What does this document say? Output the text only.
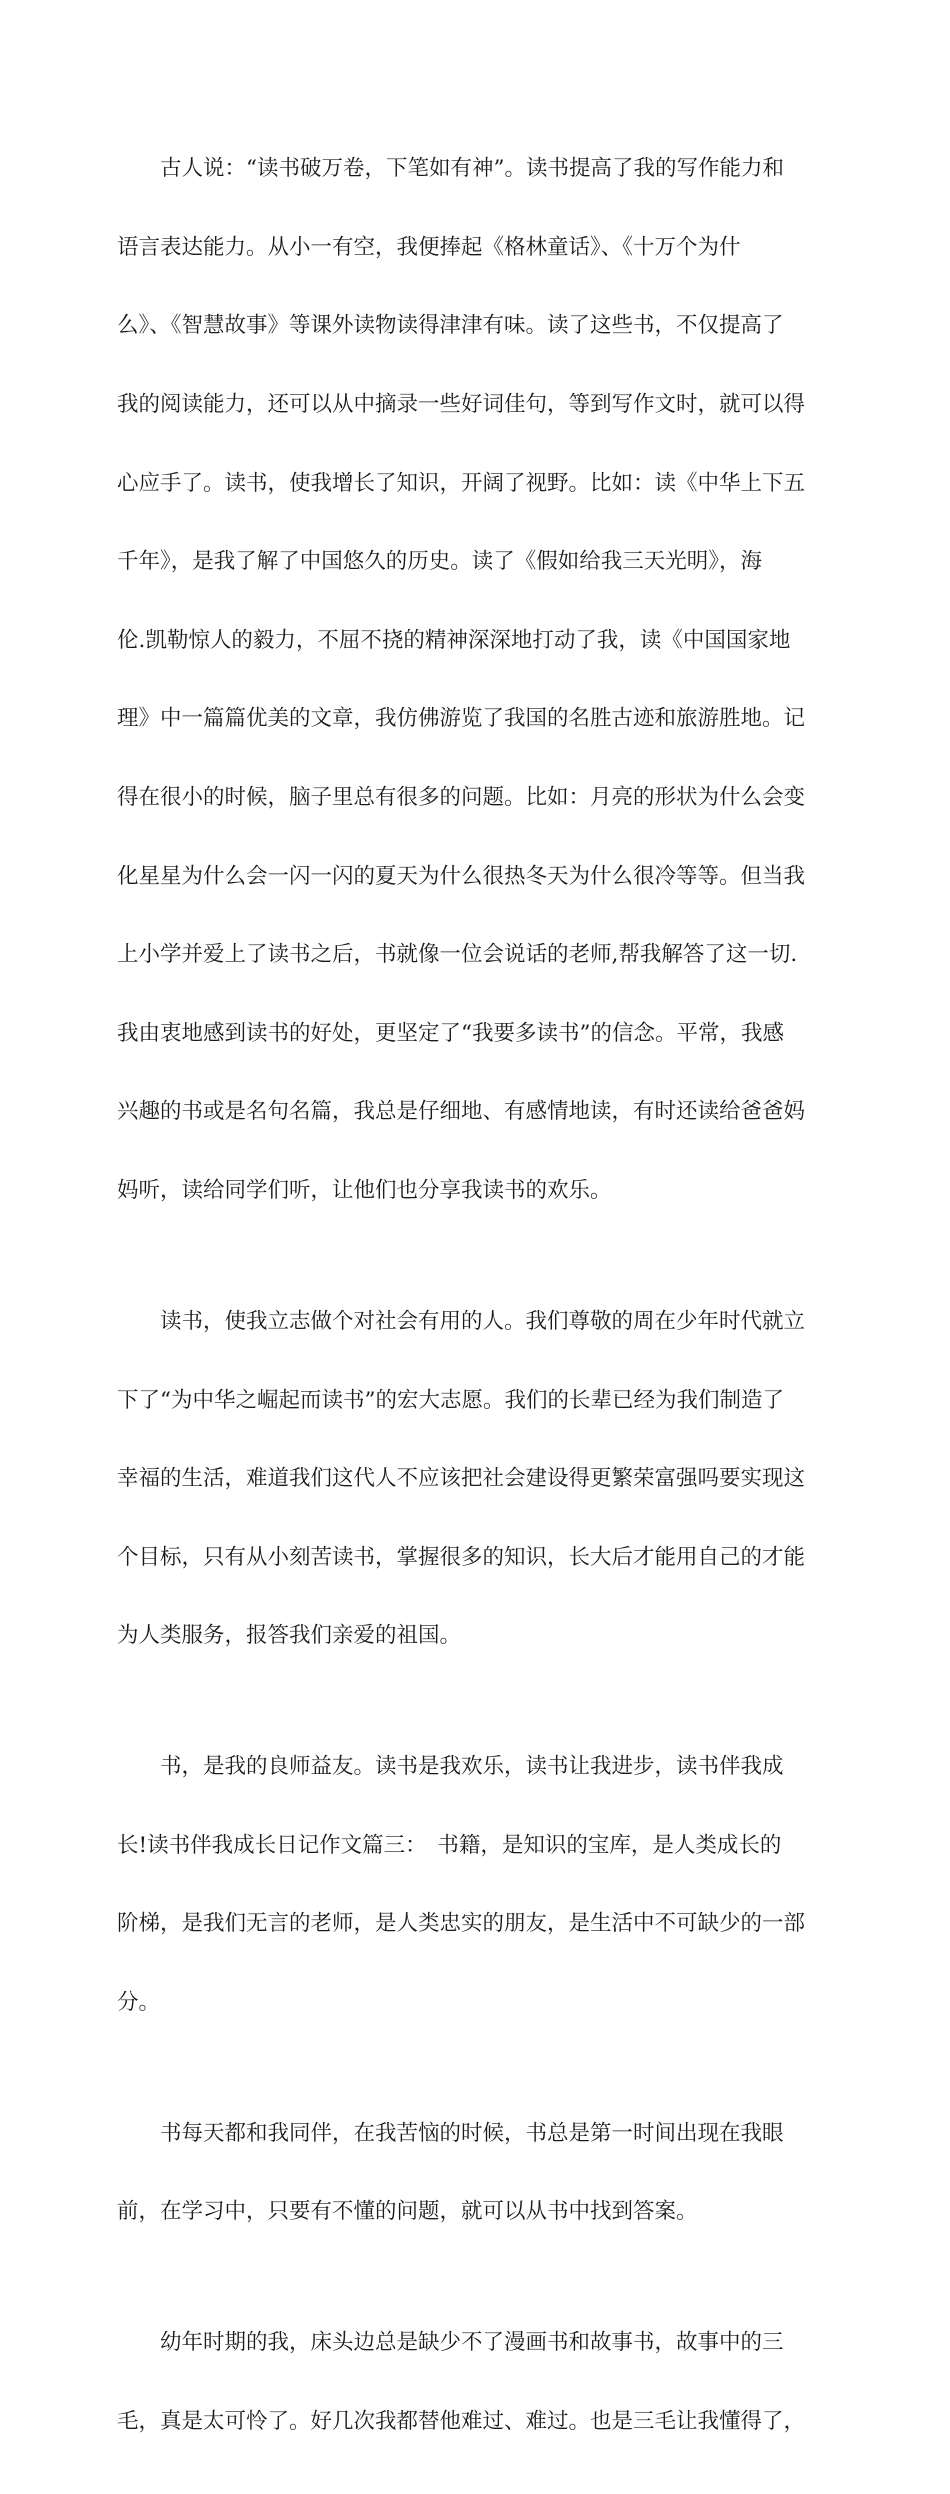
　　古人说：“读书破万卷，下笔如有神”。读书提高了我的写作能力和

语言表达能力。从小一有空，我便捧起《格林童话》、《十万个为什

么》、《智慧故事》等课外读物读得津津有味。读了这些书，不仅提高了

我的阅读能力，还可以从中摘录一些好词佳句，等到写作文时，就可以得

心应手了。读书，使我增长了知识，开阔了视野。比如：读《中华上下五

千年》，是我了解了中国悠久的历史。读了《假如给我三天光明》，海

伦.凯勒惊人的毅力，不屈不挠的精神深深地打动了我，读《中国国家地

理》中一篇篇优美的文章，我仿佛游览了我国的名胜古迹和旅游胜地。记

得在很小的时候，脑子里总有很多的问题。比如：月亮的形状为什么会变

化星星为什么会一闪一闪的夏天为什么很热冬天为什么很冷等等。但当我

上小学并爱上了读书之后，书就像一位会说话的老师,帮我解答了这一切.

我由衷地感到读书的好处，更坚定了“我要多读书”的信念。平常，我感

兴趣的书或是名句名篇，我总是仔细地、有感情地读，有时还读给爸爸妈

妈听，读给同学们听，让他们也分享我读书的欢乐。

　　读书，使我立志做个对社会有用的人。我们尊敬的周在少年时代就立

下了“为中华之崛起而读书”的宏大志愿。我们的长辈已经为我们制造了

幸福的生活，难道我们这代人不应该把社会建设得更繁荣富强吗要实现这

个目标，只有从小刻苦读书，掌握很多的知识，长大后才能用自己的才能

为人类服务，报答我们亲爱的祖国。

　　书，是我的良师益友。读书是我欢乐，读书让我进步，读书伴我成

长!读书伴我成长日记作文篇三：　书籍，是知识的宝库，是人类成长的

阶梯，是我们无言的老师，是人类忠实的朋友，是生活中不可缺少的一部

分。

　　书每天都和我同伴，在我苦恼的时候，书总是第一时间出现在我眼

前，在学习中，只要有不懂的问题，就可以从书中找到答案。

　　幼年时期的我，床头边总是缺少不了漫画书和故事书，故事中的三

毛，真是太可怜了。好几次我都替他难过、难过。也是三毛让我懂得了，
